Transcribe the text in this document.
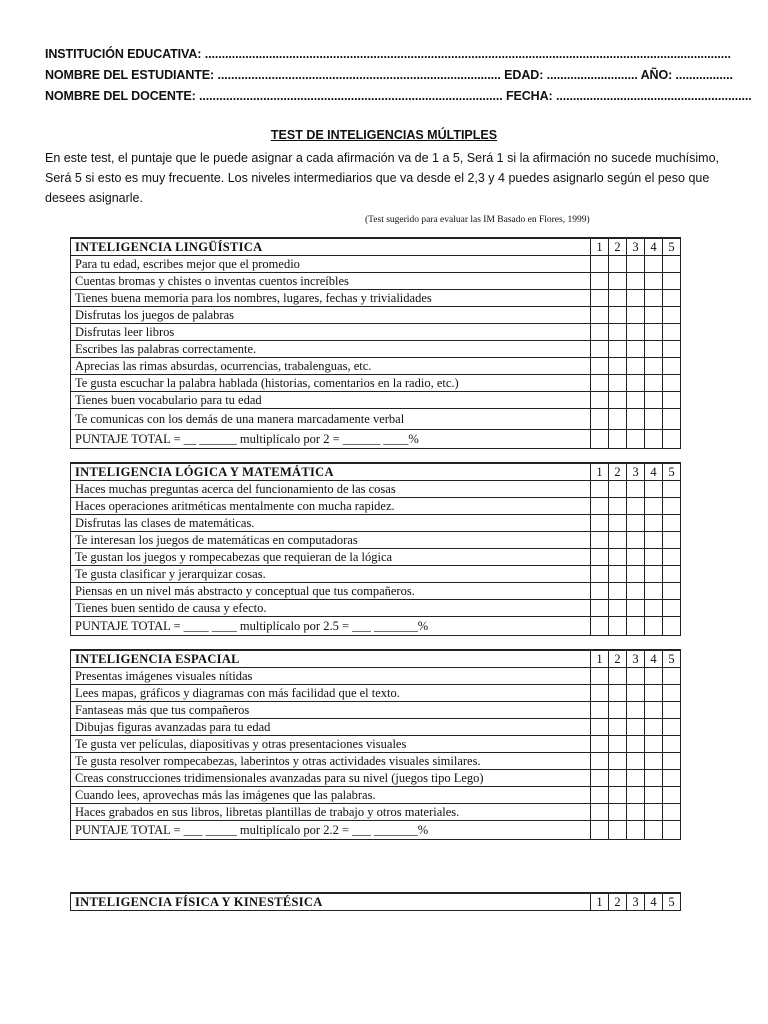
INSTITUCIÓN EDUCATIVA: ............................................................................................................................................................
NOMBRE DEL ESTUDIANTE: .................................................................................... EDAD: ........................... AÑO: .................
NOMBRE DEL DOCENTE: .......................................................................................... FECHA: ..........................................................
TEST DE INTELIGENCIAS MÚLTIPLES

En este test, el puntaje que le puede asignar a cada afirmación va de 1 a 5, Será 1 si la afirmación no sucede muchísimo, Será 5 si esto es muy frecuente. Los niveles intermediarios que va desde el 2,3 y 4 puedes asignarlo según el peso que desees asignarle.

(Test sugerido para evaluar las IM Basado en Flores, 1999)
INTELIGENCIA LINGÜÍSTICA	1	2	3	4	5
Para tu edad, escribes mejor que el promedio					
Cuentas bromas y chistes o inventas cuentos increíbles					
Tienes buena memoria para los nombres, lugares, fechas y trivialidades					
Disfrutas los juegos de palabras					
Disfrutas leer libros					
Escribes las palabras correctamente.					
Aprecias las rimas absurdas, ocurrencias, trabalenguas, etc.					
Te gusta escuchar la palabra hablada (historias, comentarios en la radio, etc.)					
Tienes buen vocabulario para tu edad					
Te comunicas con los demás de una manera marcadamente verbal					
PUNTAJE TOTAL = __ ______ multiplícalo por 2 = ______ ____%					
INTELIGENCIA LÓGICA Y MATEMÁTICA	1	2	3	4	5
Haces muchas preguntas acerca del funcionamiento de las cosas					
Haces operaciones aritméticas mentalmente con mucha rapidez.					
Disfrutas las clases de matemáticas.					
Te interesan los juegos de matemáticas en computadoras					
Te gustan los juegos y rompecabezas que requieran de la lógica					
Te gusta clasificar y jerarquizar cosas.					
Piensas en un nivel más abstracto y conceptual que tus compañeros.					
Tienes buen sentido de causa y efecto.					
PUNTAJE TOTAL = ____ ____ multiplícalo por 2.5 = ___ _______%					
INTELIGENCIA ESPACIAL	1	2	3	4	5
Presentas imágenes visuales nítidas					
Lees mapas, gráficos y diagramas con más facilidad que el texto.					
Fantaseas más que tus compañeros					
Dibujas figuras avanzadas para tu edad					
Te gusta ver películas, diapositivas y otras presentaciones visuales					
Te gusta resolver rompecabezas, laberintos y otras actividades visuales similares.					
Creas construcciones tridimensionales avanzadas para su nivel (juegos tipo Lego)					
Cuando lees, aprovechas más las imágenes que las palabras.					
Haces grabados en sus libros, libretas plantillas de trabajo y otros materiales.					
PUNTAJE TOTAL = ___ _____ multiplícalo por 2.2 = ___ _______%					
INTELIGENCIA FÍSICA Y KINESTÉSICA	1	2	3	4	5
